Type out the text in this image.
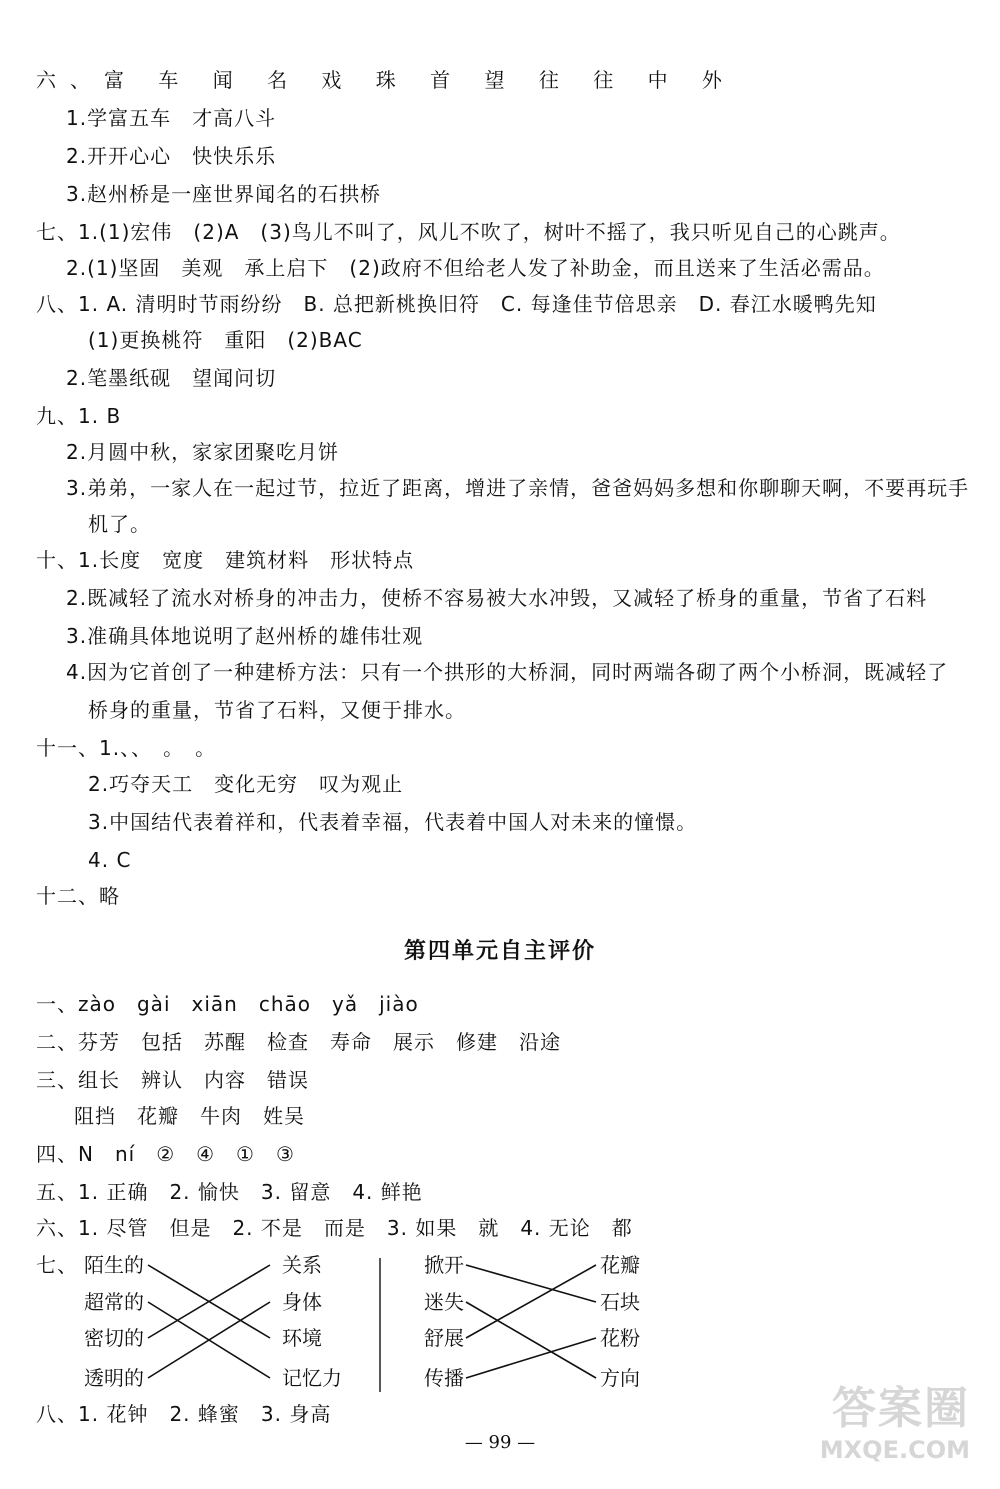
六、富 车 闻 名 戏 珠 首 望 往 往 中 外
1.学富五车　才高八斗
2.开开心心　快快乐乐
3.赵州桥是一座世界闻名的石拱桥
七、1.(1)宏伟　(2)A　(3)鸟儿不叫了，风儿不吹了，树叶不摇了，我只听见自己的心跳声。
2.(1)坚固　美观　承上启下　(2)政府不但给老人发了补助金，而且送来了生活必需品。
八、1. A. 清明时节雨纷纷　B. 总把新桃换旧符　C. 每逢佳节倍思亲　D. 春江水暖鸭先知
(1)更换桃符　重阳　(2)BAC
2.笔墨纸砚　望闻问切
九、1. B
2.月圆中秋，家家团聚吃月饼
3.弟弟，一家人在一起过节，拉近了距离，增进了亲情，爸爸妈妈多想和你聊聊天啊，不要再玩手
机了。
十、1.长度　宽度　建筑材料　形状特点
2.既减轻了流水对桥身的冲击力，使桥不容易被大水冲毁，又减轻了桥身的重量，节省了石料
3.准确具体地说明了赵州桥的雄伟壮观
4.因为它首创了一种建桥方法：只有一个拱形的大桥洞，同时两端各砌了两个小桥洞，既减轻了
桥身的重量，节省了石料，又便于排水。
十一、1.、、　。　。
2.巧夺天工　变化无穷　叹为观止
3.中国结代表着祥和，代表着幸福，代表着中国人对未来的憧憬。
4. C
十二、略
第四单元自主评价
一、zào　gài　xiān　chāo　yǎ　jiào
二、芬芳　包括　苏醒　检查　寿命　展示　修建　沿途
三、组长　辨认　内容　错误
阻挡　花瓣　牛肉　姓吴
四、N　ní　②　④　①　③
五、1. 正确　2. 愉快　3. 留意　4. 鲜艳
六、1. 尽管　但是　2. 不是　而是　3. 如果　就　4. 无论　都
七、 陌生的
超常的
密切的
透明的
关系
身体
环境
记忆力
掀开
迷失
舒展
传播
花瓣
石块
花粉
方向
八、1. 花钟　2. 蜂蜜　3. 身高
— 99 —
答案圈
MXQE.COM
